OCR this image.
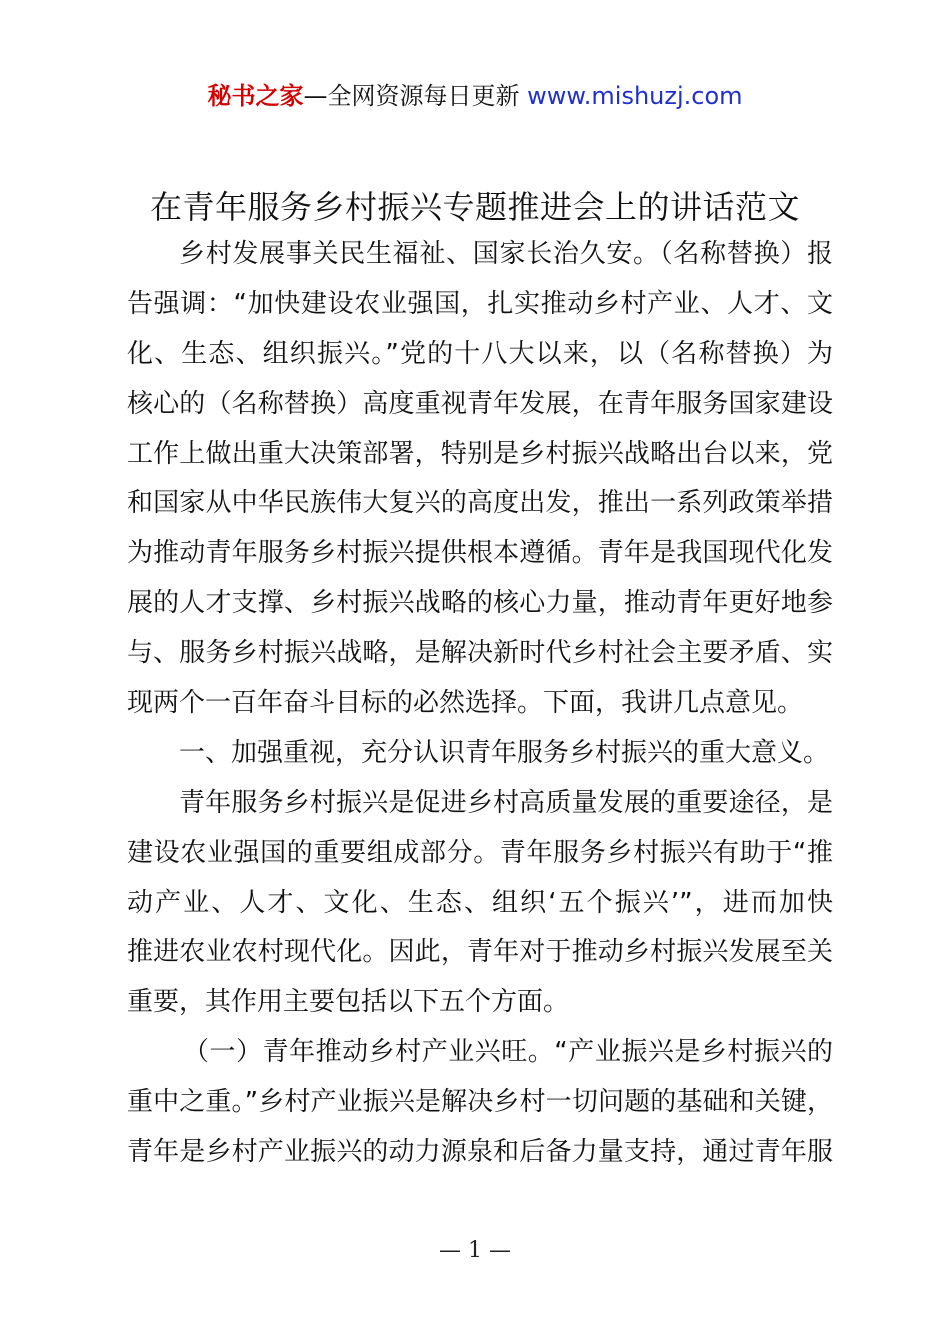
秘书之家—全网资源每日更新 www.mishuzj.com
在青年服务乡村振兴专题推进会上的讲话范文
乡村发展事关民生福祉、国家长治久安。（名称替换）报
告强调：“加快建设农业强国，扎实推动乡村产业、人才、文
化、生态、组织振兴。”党的十八大以来，以（名称替换）为
核心的（名称替换）高度重视青年发展，在青年服务国家建设
工作上做出重大决策部署，特别是乡村振兴战略出台以来，党
和国家从中华民族伟大复兴的高度出发，推出一系列政策举措
为推动青年服务乡村振兴提供根本遵循。青年是我国现代化发
展的人才支撑、乡村振兴战略的核心力量，推动青年更好地参
与、服务乡村振兴战略，是解决新时代乡村社会主要矛盾、实
现两个一百年奋斗目标的必然选择。下面，我讲几点意见。
一、加强重视，充分认识青年服务乡村振兴的重大意义。
青年服务乡村振兴是促进乡村高质量发展的重要途径，是
建设农业强国的重要组成部分。青年服务乡村振兴有助于“推
动产业、人才、文化、生态、组织‘五个振兴’”，进而加快
推进农业农村现代化。因此，青年对于推动乡村振兴发展至关
重要，其作用主要包括以下五个方面。
（一）青年推动乡村产业兴旺。“产业振兴是乡村振兴的
重中之重。”乡村产业振兴是解决乡村一切问题的基础和关键，
青年是乡村产业振兴的动力源泉和后备力量支持，通过青年服
— 1 —
